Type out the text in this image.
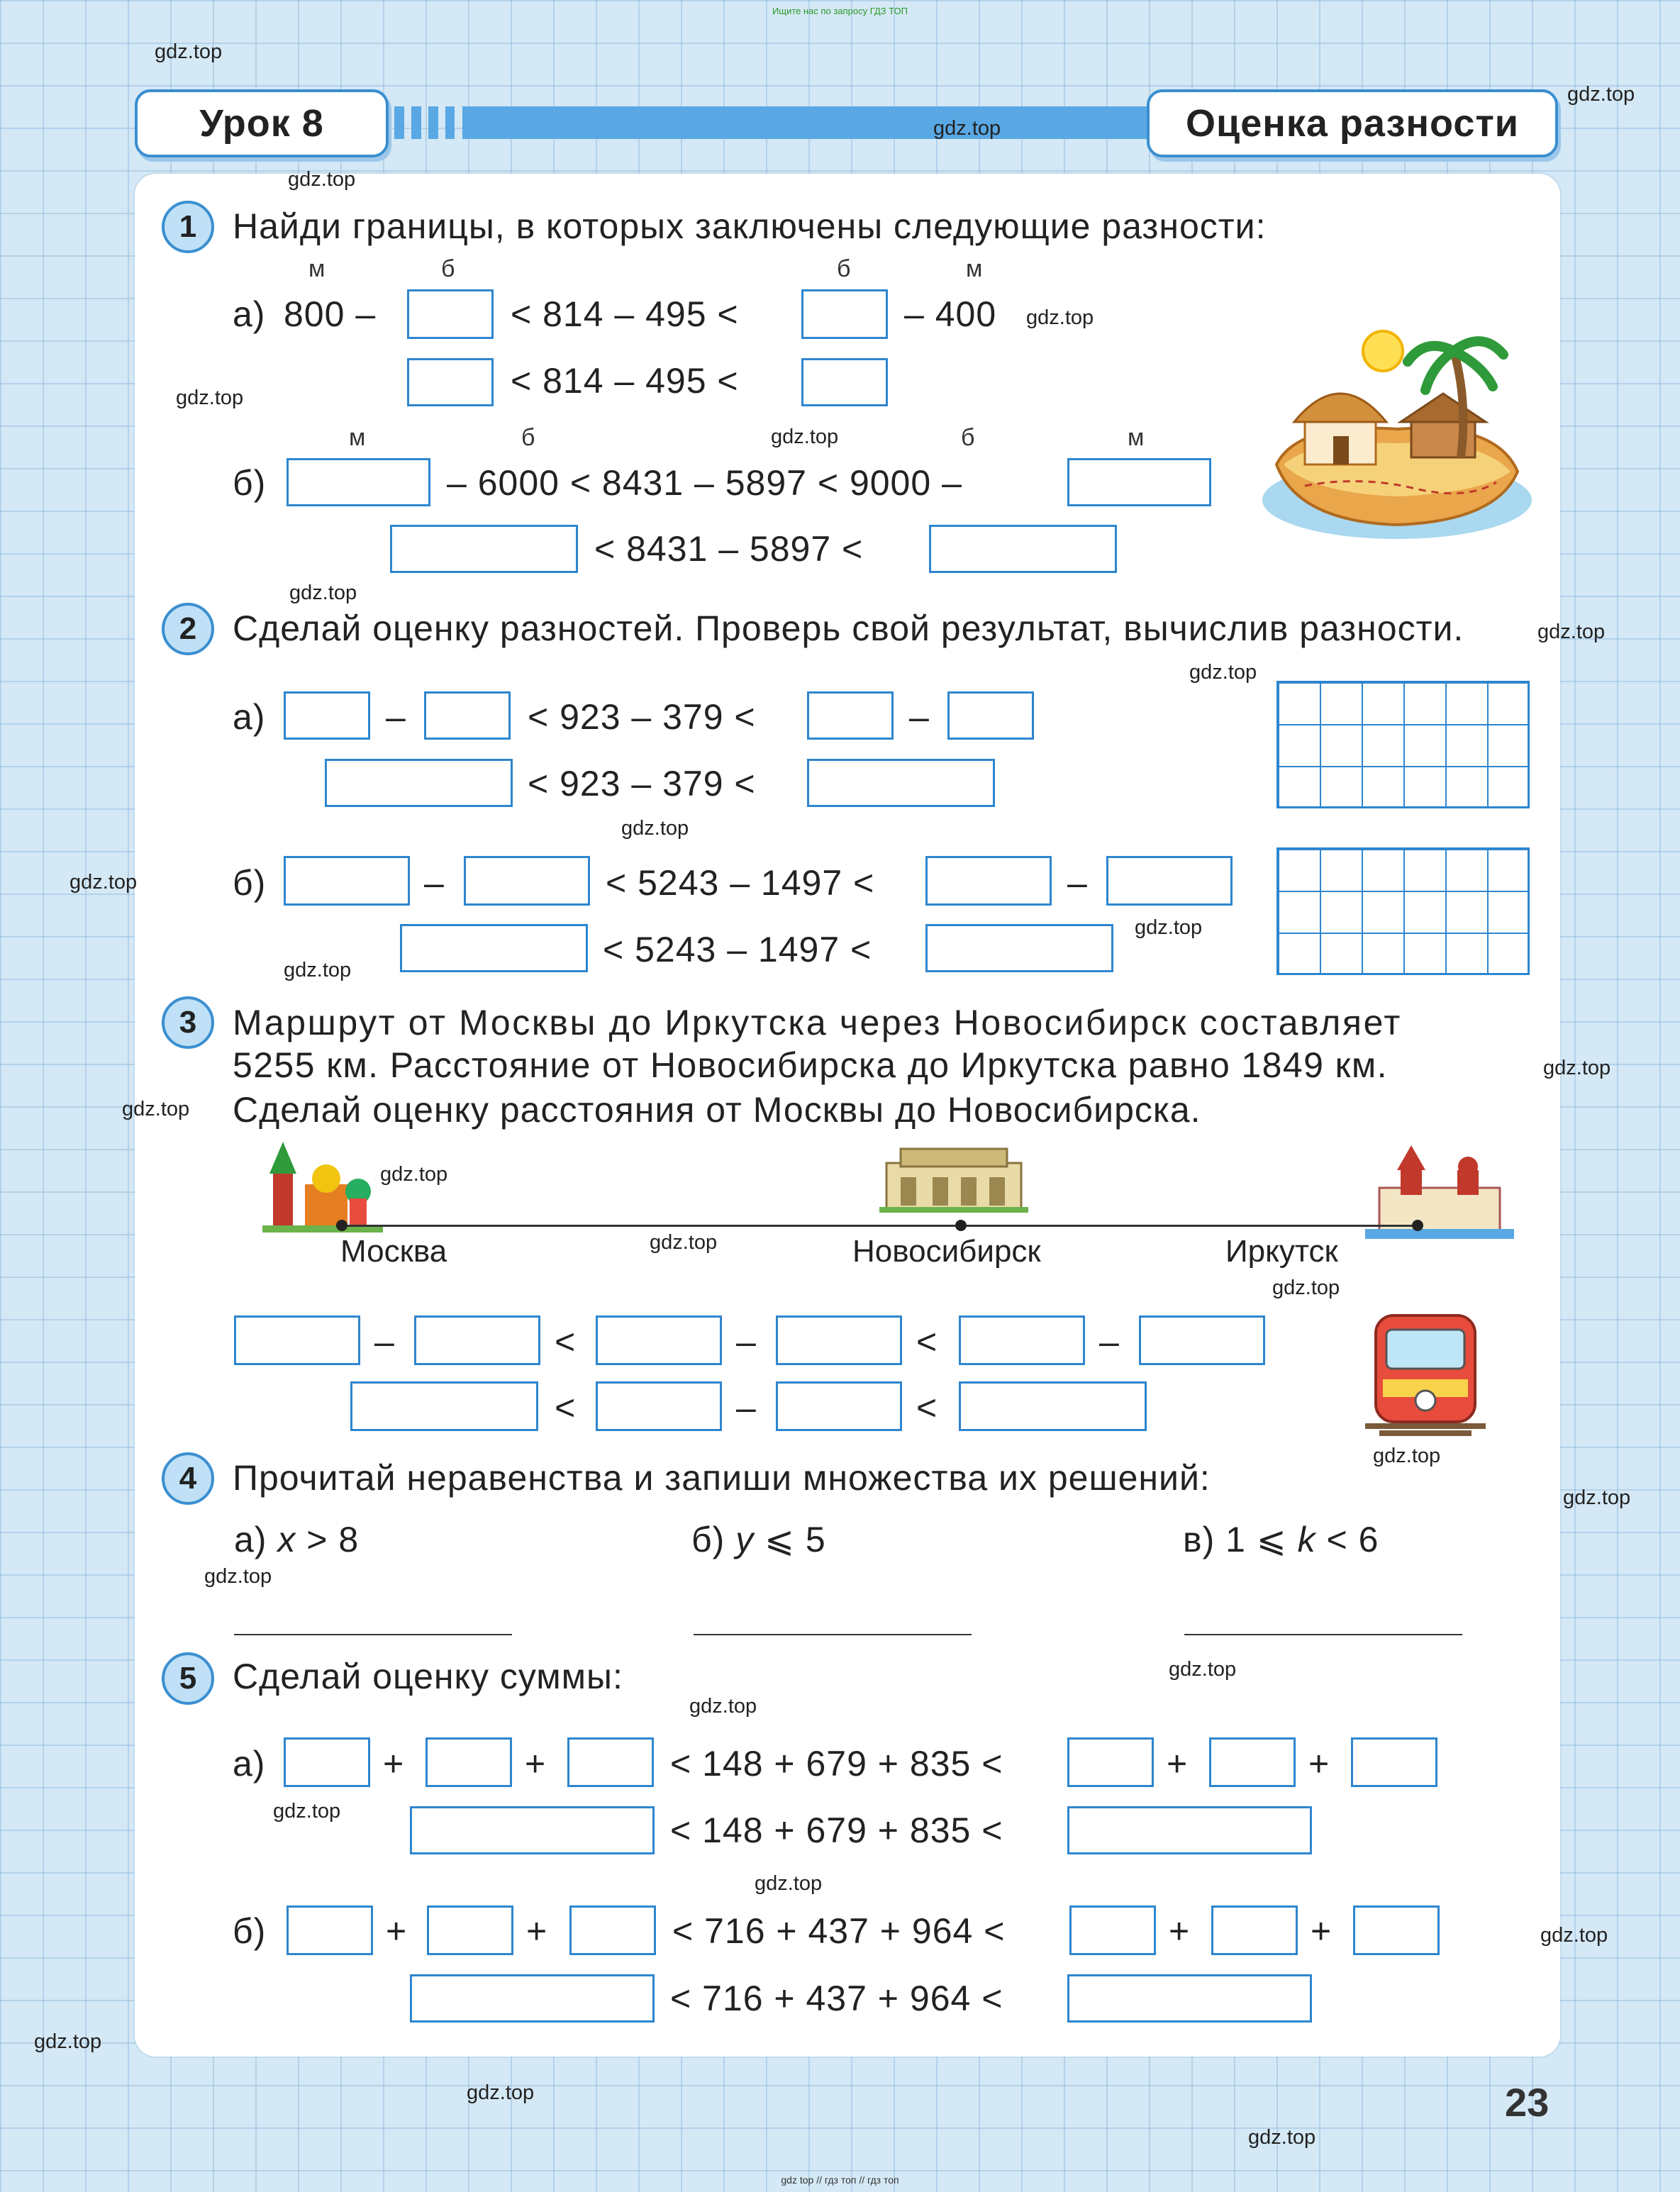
Ищите нас по запросу ГДЗ ТОП
gdz top // гдз топ // гдз топ
Урок 8	Оценка разности
1	Найди границы, в которых заключены следующие разности:
м	б	б	м
а) 800 –	< 814 – 495 <	– 400
< 814 – 495 <
м	б	б	м
б)	– 6000 < 8431 – 5897 < 9000 –
< 8431 – 5897 <
2	Сделай оценку разностей. Проверь свой результат, вычислив разности.
а)	–	< 923 – 379 <	–
< 923 – 379 <
б)	–	< 5243 – 1497 <	–
< 5243 – 1497 <
3	Маршрут от Москвы до Иркутска через Новосибирск составляет
5255 км. Расстояние от Новосибирска до Иркутска равно 1849 км.
Сделай оценку расстояния от Москвы до Новосибирска.
Москва	Новосибирск	Иркутск
–	<	–	<	–
<	–	<
4	Прочитай неравенства и запиши множества их решений:
а) x > 8	б) y ⩽ 5	в) 1 ⩽ k < 6
5	Сделай оценку суммы:
а)	+	+	< 148 + 679 + 835 <	+	+
< 148 + 679 + 835 <
б)	+	+	< 716 + 437 + 964 <	+	+
< 716 + 437 + 964 <
23
gdz.top
gdz.top
gdz.top
gdz.top
gdz.top
gdz.top
gdz.top
gdz.top
gdz.top
gdz.top
gdz.top
gdz.top
gdz.top
gdz.top
gdz.top
gdz.top
gdz.top
gdz.top
gdz.top
gdz.top
gdz.top
gdz.top
gdz.top
gdz.top
gdz.top
gdz.top
gdz.top
gdz.top
gdz.top
gdz.top
